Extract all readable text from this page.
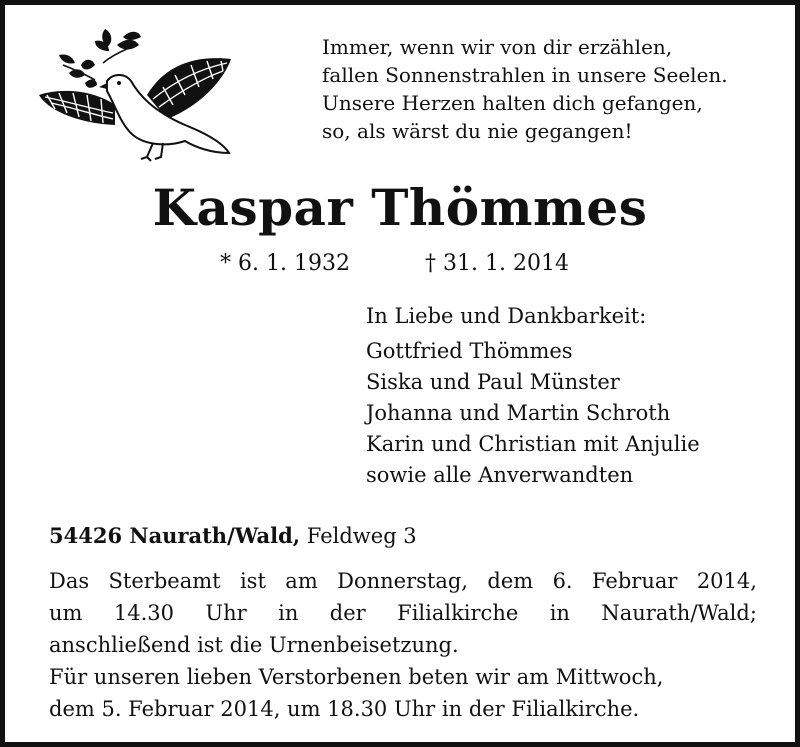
Immer, wenn wir von dir erzählen,
fallen Sonnenstrahlen in unsere Seelen.
Unsere Herzen halten dich gefangen,
so, als wärst du nie gegangen!
Kaspar Thömmes
* 6. 1. 1932	† 31. 1. 2014
In Liebe und Dankbarkeit:
Gottfried Thömmes
Siska und Paul Münster
Johanna und Martin Schroth
Karin und Christian mit Anjulie
sowie alle Anverwandten
54426 Naurath/Wald, Feldweg 3
Das Sterbeamt ist am Donnerstag, dem 6. Februar 2014,
um 14.30 Uhr in der Filialkirche in Naurath/Wald;
anschließend ist die Urnenbeisetzung.
Für unseren lieben Verstorbenen beten wir am Mittwoch,
dem 5. Februar 2014, um 18.30 Uhr in der Filialkirche.
